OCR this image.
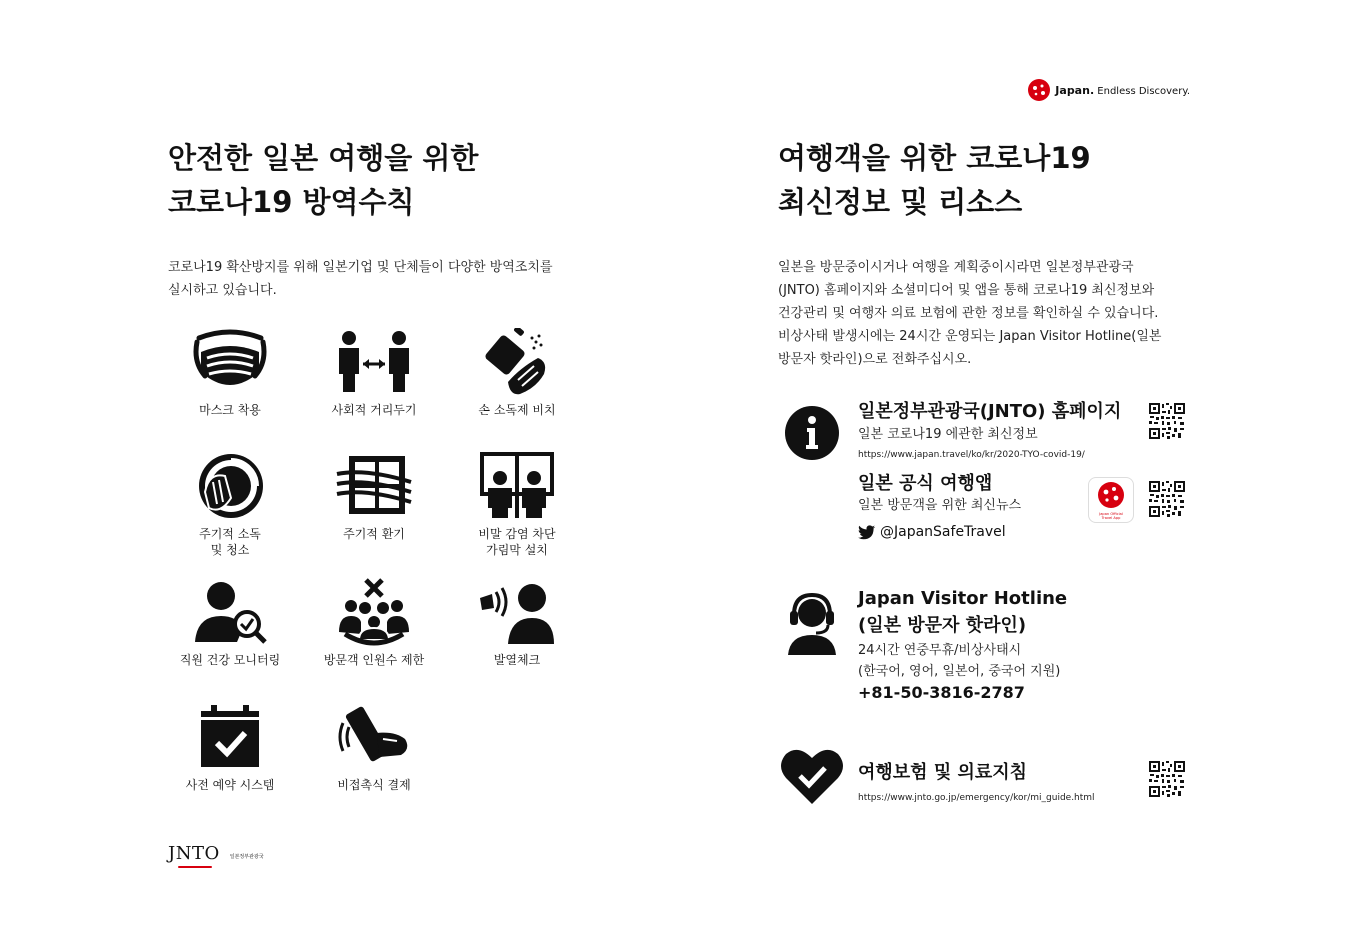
안전한 일본 여행을 위한
코로나19 방역수칙
코로나19 확산방지를 위해 일본기업 및 단체들이 다양한 방역조치를
실시하고 있습니다.
마스크 착용	사회적 거리두기	손 소독제 비치
주기적 소독
및 청소
주기적 환기	비말 감염 차단
가림막 설치
직원 건강 모니터링	방문객 인원수 제한	발열체크
사전 예약 시스템	비접촉식 결제
JNTO 일본정부관광국
Japan. Endless Discovery.
여행객을 위한 코로나19
최신정보 및 리소스
일본을 방문중이시거나 여행을 계획중이시라면 일본정부관광국
(JNTO) 홈페이지와 소셜미디어 및 앱을 통해 코로나19 최신정보와
건강관리 및 여행자 의료 보험에 관한 정보를 확인하실 수 있습니다.
비상사태 발생시에는 24시간 운영되는 Japan Visitor Hotline(일본
방문자 핫라인)으로 전화주십시오.
일본정부관광국(JNTO) 홈페이지
일본 코로나19 에관한 최신정보
https://www.japan.travel/ko/kr/2020-TYO-covid-19/
일본 공식 여행앱
일본 방문객을 위한 최신뉴스
@JapanSafeTravel
Japan Official
Travel App
Japan Visitor Hotline
(일본 방문자 핫라인)
24시간 연중무휴/비상사태시
(한국어, 영어, 일본어, 중국어 지원)
+81-50-3816-2787
여행보험 및 의료지침
https://www.jnto.go.jp/emergency/kor/mi_guide.html
